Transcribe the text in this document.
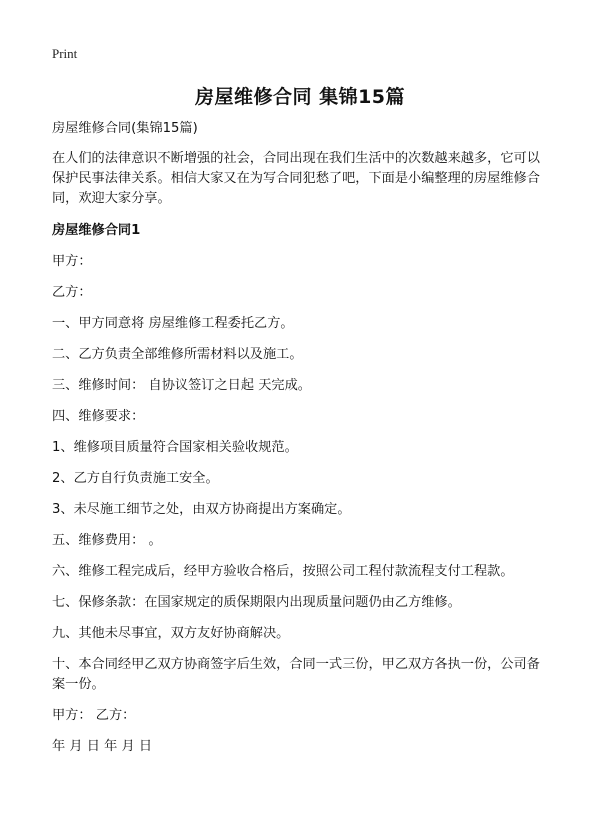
Print
房屋维修合同 集锦15篇

房屋维修合同(集锦15篇)

在人们的法律意识不断增强的社会，合同出现在我们生活中的次数越来越多，它可以保护民事法律关系。相信大家又在为写合同犯愁了吧，下面是小编整理的房屋维修合同，欢迎大家分享。

房屋维修合同1

甲方：

乙方：

一、甲方同意将 房屋维修工程委托乙方。

二、乙方负责全部维修所需材料以及施工。

三、维修时间： 自协议签订之日起 天完成。

四、维修要求：

1、维修项目质量符合国家相关验收规范。

2、乙方自行负责施工安全。

3、未尽施工细节之处，由双方协商提出方案确定。

五、维修费用： 。

六、维修工程完成后，经甲方验收合格后，按照公司工程付款流程支付工程款。

七、保修条款：在国家规定的质保期限内出现质量问题仍由乙方维修。

九、其他未尽事宜，双方友好协商解决。

十、本合同经甲乙双方协商签字后生效，合同一式三份，甲乙双方各执一份，公司备案一份。

甲方： 乙方：

年 月 日 年 月 日
